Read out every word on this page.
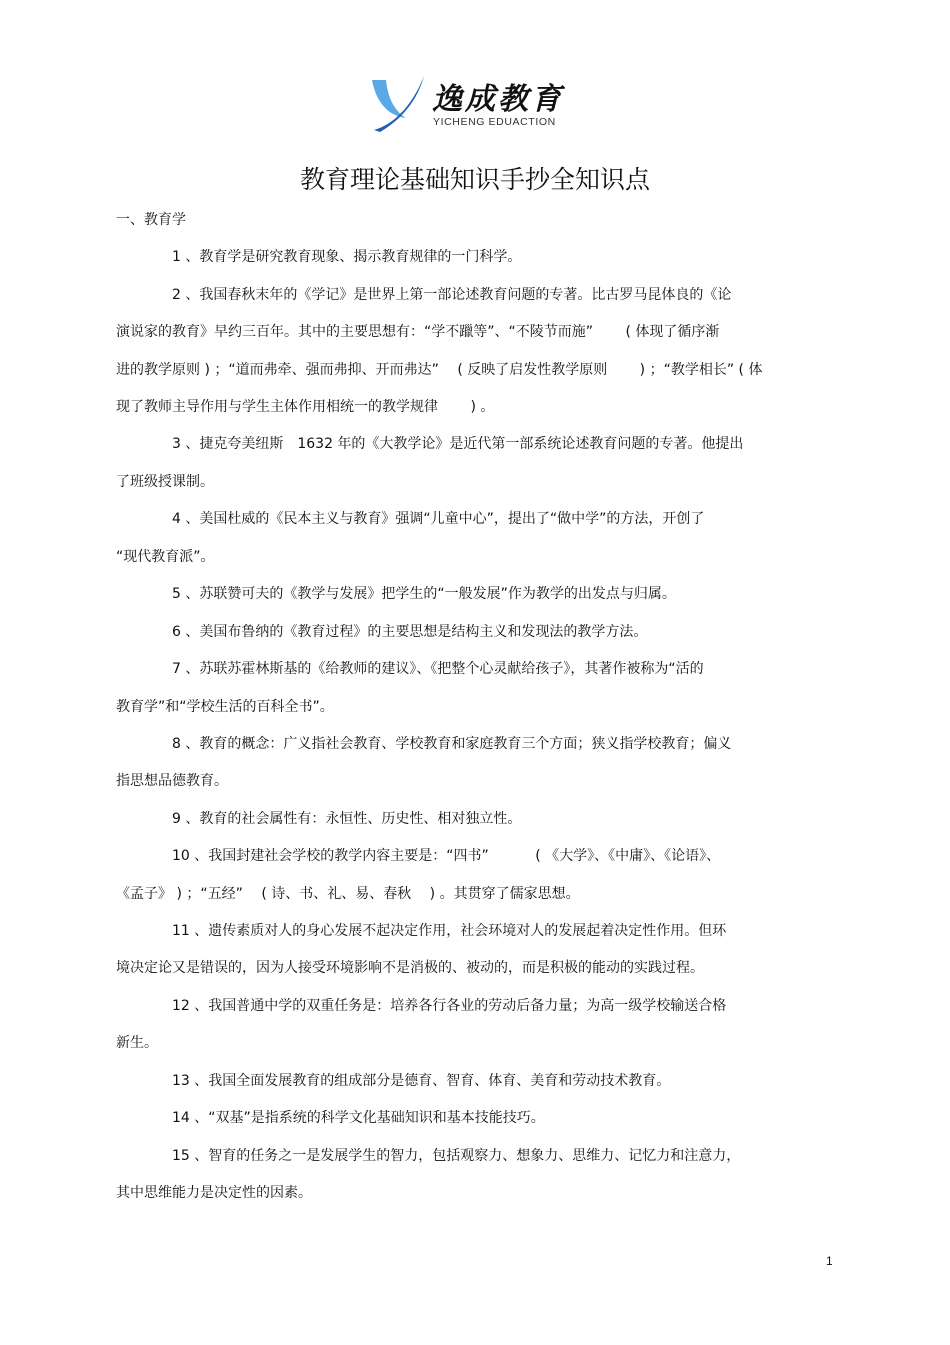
逸成教育
YICHENG EDUACTION
教育理论基础知识手抄全知识点
一、教育学
1 、教育学是研究教育现象、揭示教育规律的一门科学。
2 、我国春秋末年的《学记》是世界上第一部论述教育问题的专著。比古罗马昆体良的《论
演说家的教育》早约三百年。其中的主要思想有：“学不躐等”、“不陵节而施”　　 ( 体现了循序渐
进的教学原则 ) ；“道而弗牵、强而弗抑、开而弗达”　 ( 反映了启发性教学原则　　 ) ；“教学相长” ( 体
现了教师主导作用与学生主体作用相统一的教学规律　　 ) 。
3 、捷克夸美纽斯　1632 年的《大教学论》是近代第一部系统论述教育问题的专著。他提出
了班级授课制。
4 、美国杜威的《民本主义与教育》强调“儿童中心”，提出了“做中学”的方法，开创了
“现代教育派”。
5 、苏联赞可夫的《教学与发展》把学生的“一般发展”作为教学的出发点与归属。
6 、美国布鲁纳的《教育过程》的主要思想是结构主义和发现法的教学方法。
7 、苏联苏霍林斯基的《给教师的建议》、《把整个心灵献给孩子》，其著作被称为“活的
教育学”和“学校生活的百科全书”。
8 、教育的概念：广义指社会教育、学校教育和家庭教育三个方面；狭义指学校教育；偏义
指思想品德教育。
9 、教育的社会属性有：永恒性、历史性、相对独立性。
10 、我国封建社会学校的教学内容主要是：“四书”　　　 ( 《大学》、《中庸》、《论语》、
《孟子》 ) ；“五经”　 ( 诗、书、礼、易、春秋　 ) 。其贯穿了儒家思想。
11 、遗传素质对人的身心发展不起决定作用，社会环境对人的发展起着决定性作用。但环
境决定论又是错误的，因为人接受环境影响不是消极的、被动的，而是积极的能动的实践过程。
12 、我国普通中学的双重任务是：培养各行各业的劳动后备力量；为高一级学校输送合格
新生。
13 、我国全面发展教育的组成部分是德育、智育、体育、美育和劳动技术教育。
14 、“双基”是指系统的科学文化基础知识和基本技能技巧。
15 、智育的任务之一是发展学生的智力，包括观察力、想象力、思维力、记忆力和注意力，
其中思维能力是决定性的因素。
1
